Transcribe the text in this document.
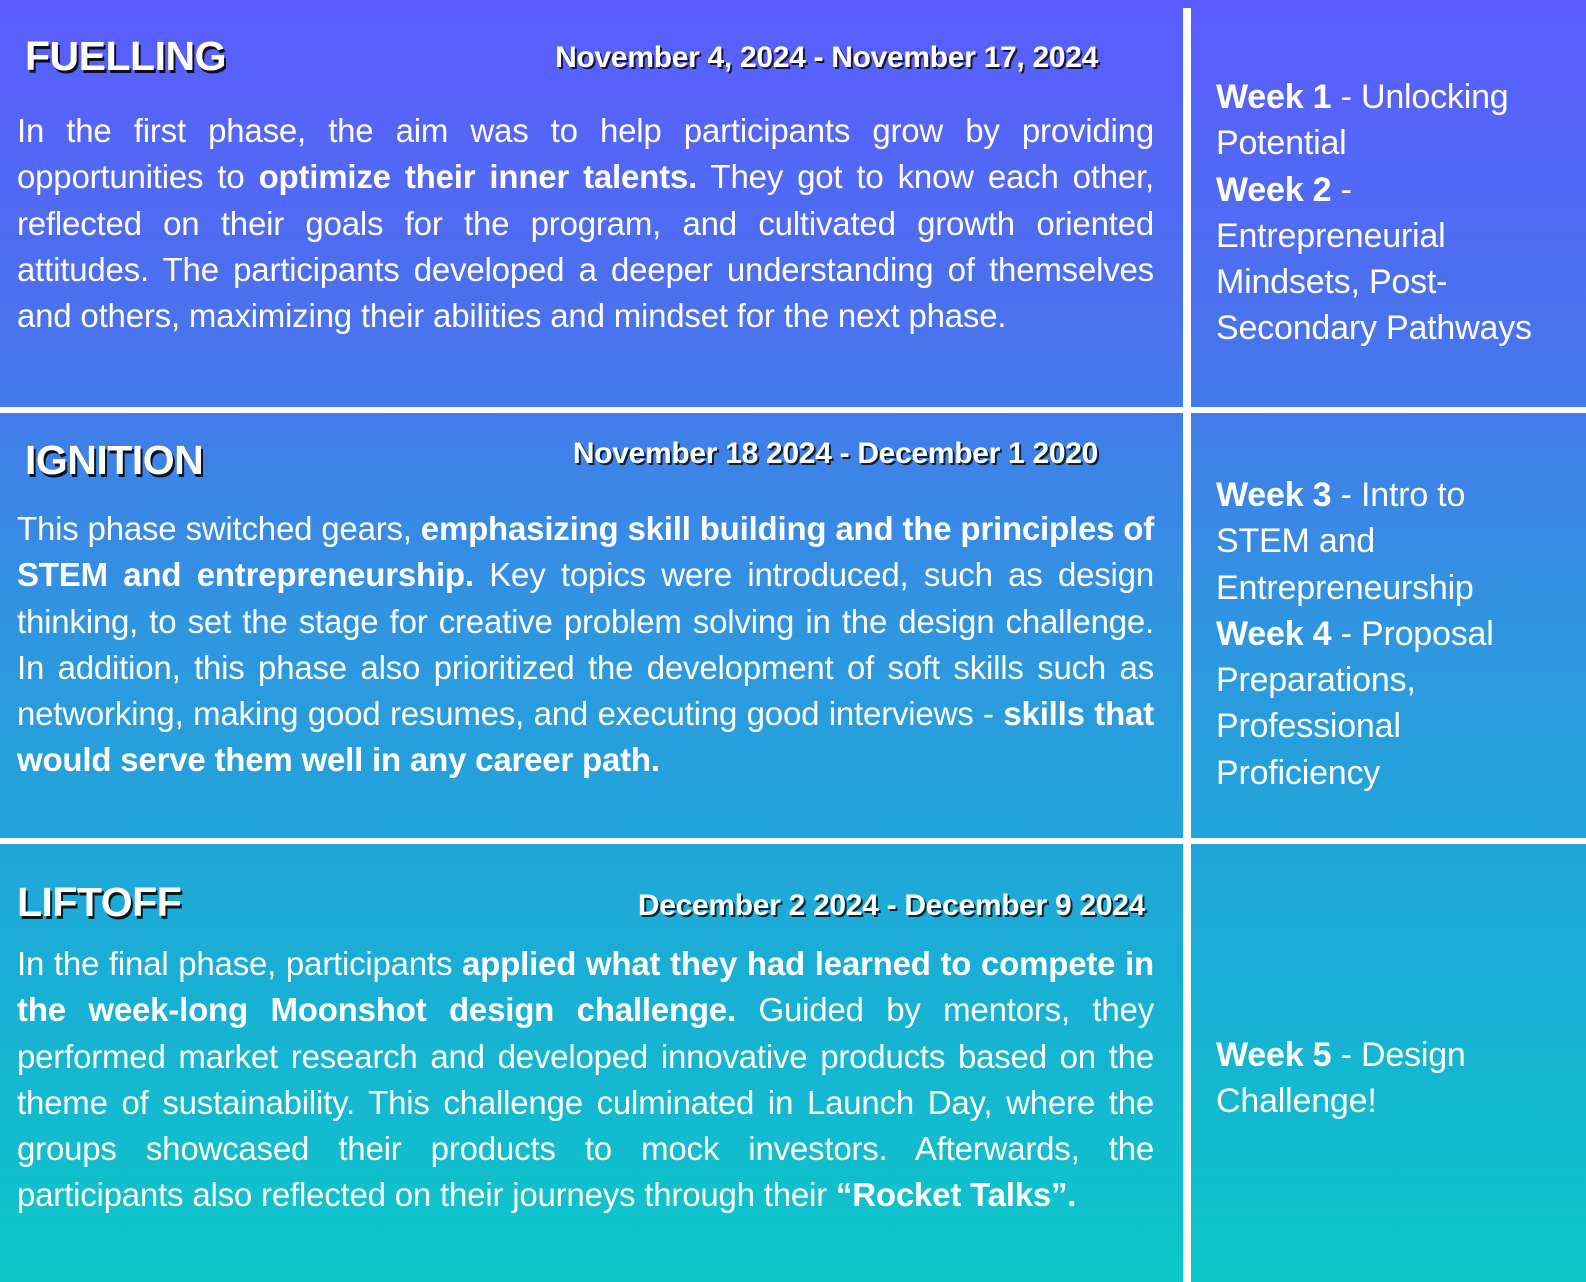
FUELLING	November 4, 2024 - November 17, 2024
In the first phase, the aim was to help participants grow by providing opportunities to optimize their inner talents. They got to know each other, reflected on their goals for the program, and cultivated growth oriented attitudes. The participants developed a deeper understanding of themselves and others, maximizing their abilities and mindset for the next phase.
Week 1 - Unlocking Potential
Week 2 - Entrepreneurial Mindsets, Post-Secondary Pathways
IGNITION	November 18 2024 - December 1 2020
This phase switched gears, emphasizing skill building and the principles of STEM and entrepreneurship. Key topics were introduced, such as design thinking, to set the stage for creative problem solving in the design challenge. In addition, this phase also prioritized the development of soft skills such as networking, making good resumes, and executing good interviews - skills that would serve them well in any career path.
Week 3 - Intro to STEM and Entrepreneurship
Week 4 - Proposal Preparations, Professional Proficiency
LIFTOFF	December 2 2024 - December 9 2024
In the final phase, participants applied what they had learned to compete in the week-long Moonshot design challenge. Guided by mentors, they performed market research and developed innovative products based on the theme of sustainability. This challenge culminated in Launch Day, where the groups showcased their products to mock investors. Afterwards, the participants also reflected on their journeys through their “Rocket Talks”.
Week 5 - Design Challenge!
